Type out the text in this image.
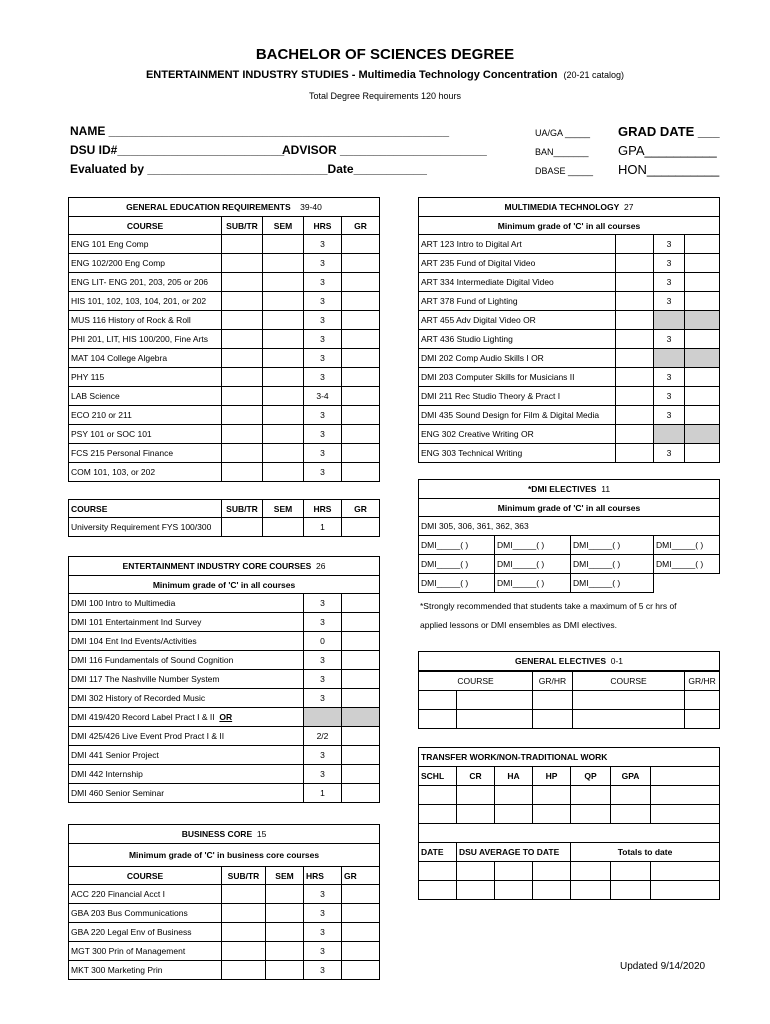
BACHELOR OF SCIENCES DEGREE
ENTERTAINMENT INDUSTRY STUDIES - Multimedia Technology Concentration (20-21 catalog)
Total Degree Requirements 120 hours
NAME ___________________________________________________
DSU ID#_________________________
ADVISOR ______________________
Evaluated by ___________________________Date___________
UA/GA _____
BAN_______
DBASE _____
GRAD DATE ___
GPA__________
HON__________
GENERAL EDUCATION REQUIREMENTS 39-40				
COURSE	SUB/TR	SEM	HRS	GR
ENG 101 Eng Comp			3	
ENG 102/200 Eng Comp			3	
ENG LIT- ENG 201, 203, 205 or 206			3	
HIS 101, 102, 103, 104, 201, or 202			3	
MUS 116 History of Rock & Roll			3	
PHI 201, LIT, HIS 100/200, Fine Arts			3	
MAT 104 College Algebra			3	
PHY 115			3	
LAB Science			3-4	
ECO 210 or 211			3	
PSY 101 or SOC 101			3	
FCS 215 Personal Finance			3	
COM 101, 103, or 202			3	
COURSE	SUB/TR	SEM	HRS	GR
University Requirement FYS 100/300			1	
ENTERTAINMENT INDUSTRY CORE COURSES 26		
Minimum grade of 'C' in all courses		
DMI 100 Intro to Multimedia	3	
DMI 101 Entertainment Ind Survey	3	
DMI 104 Ent Ind Events/Activities	0	
DMI 116 Fundamentals of Sound Cognition	3	
DMI 117 The Nashville Number System	3	
DMI 302 History of Recorded Music	3	
DMI 419/420 Record Label Pract I & II OR		
DMI 425/426 Live Event Prod Pract I & II	2/2	
DMI 441 Senior Project	3	
DMI 442 Internship	3	
DMI 460 Senior Seminar	1	
BUSINESS CORE 15				
Minimum grade of 'C' in business core courses				
COURSE	SUB/TR	SEM	HRS	GR
ACC 220 Financial Acct I			3	
GBA 203 Bus Communications			3	
GBA 220 Legal Env of Business			3	
MGT 300 Prin of Management			3	
MKT 300 Marketing Prin			3	
MULTIMEDIA TECHNOLOGY 27			
Minimum grade of 'C' in all courses			
ART 123 Intro to Digital Art		3	
ART 235 Fund of Digital Video		3	
ART 334 Intermediate Digital Video		3	
ART 378 Fund of Lighting		3	
ART 455 Adv Digital Video OR			
ART 436 Studio Lighting		3	
DMI 202 Comp Audio Skills I OR			
DMI 203 Computer Skills for Musicians II		3	
DMI 211 Rec Studio Theory & Pract I		3	
DMI 435 Sound Design for Film & Digital Media		3	
ENG 302 Creative Writing OR			
ENG 303 Technical Writing		3	
*DMI ELECTIVES 11			
Minimum grade of 'C' in all courses			
DMI 305, 306, 361, 362, 363			
DMI_____( )	DMI_____( )	DMI_____( )	DMI_____( )
DMI_____( )	DMI_____( )	DMI_____( )	DMI_____( )
DMI_____( )	DMI_____( )	DMI_____( )	
*Strongly recommended that students take a maximum of 5 cr hrs of
applied lessons or DMI ensembles as DMI electives.
GENERAL ELECTIVES 0-1				
COURSE		GR/HR	COURSE	GR/HR

TRANSFER WORK/NON-TRADITIONAL WORK						
SCHL	CR	HA	HP	QP	GPA	

DATE	DSU AVERAGE TO DATE			Totals to date		

Updated 9/14/2020
